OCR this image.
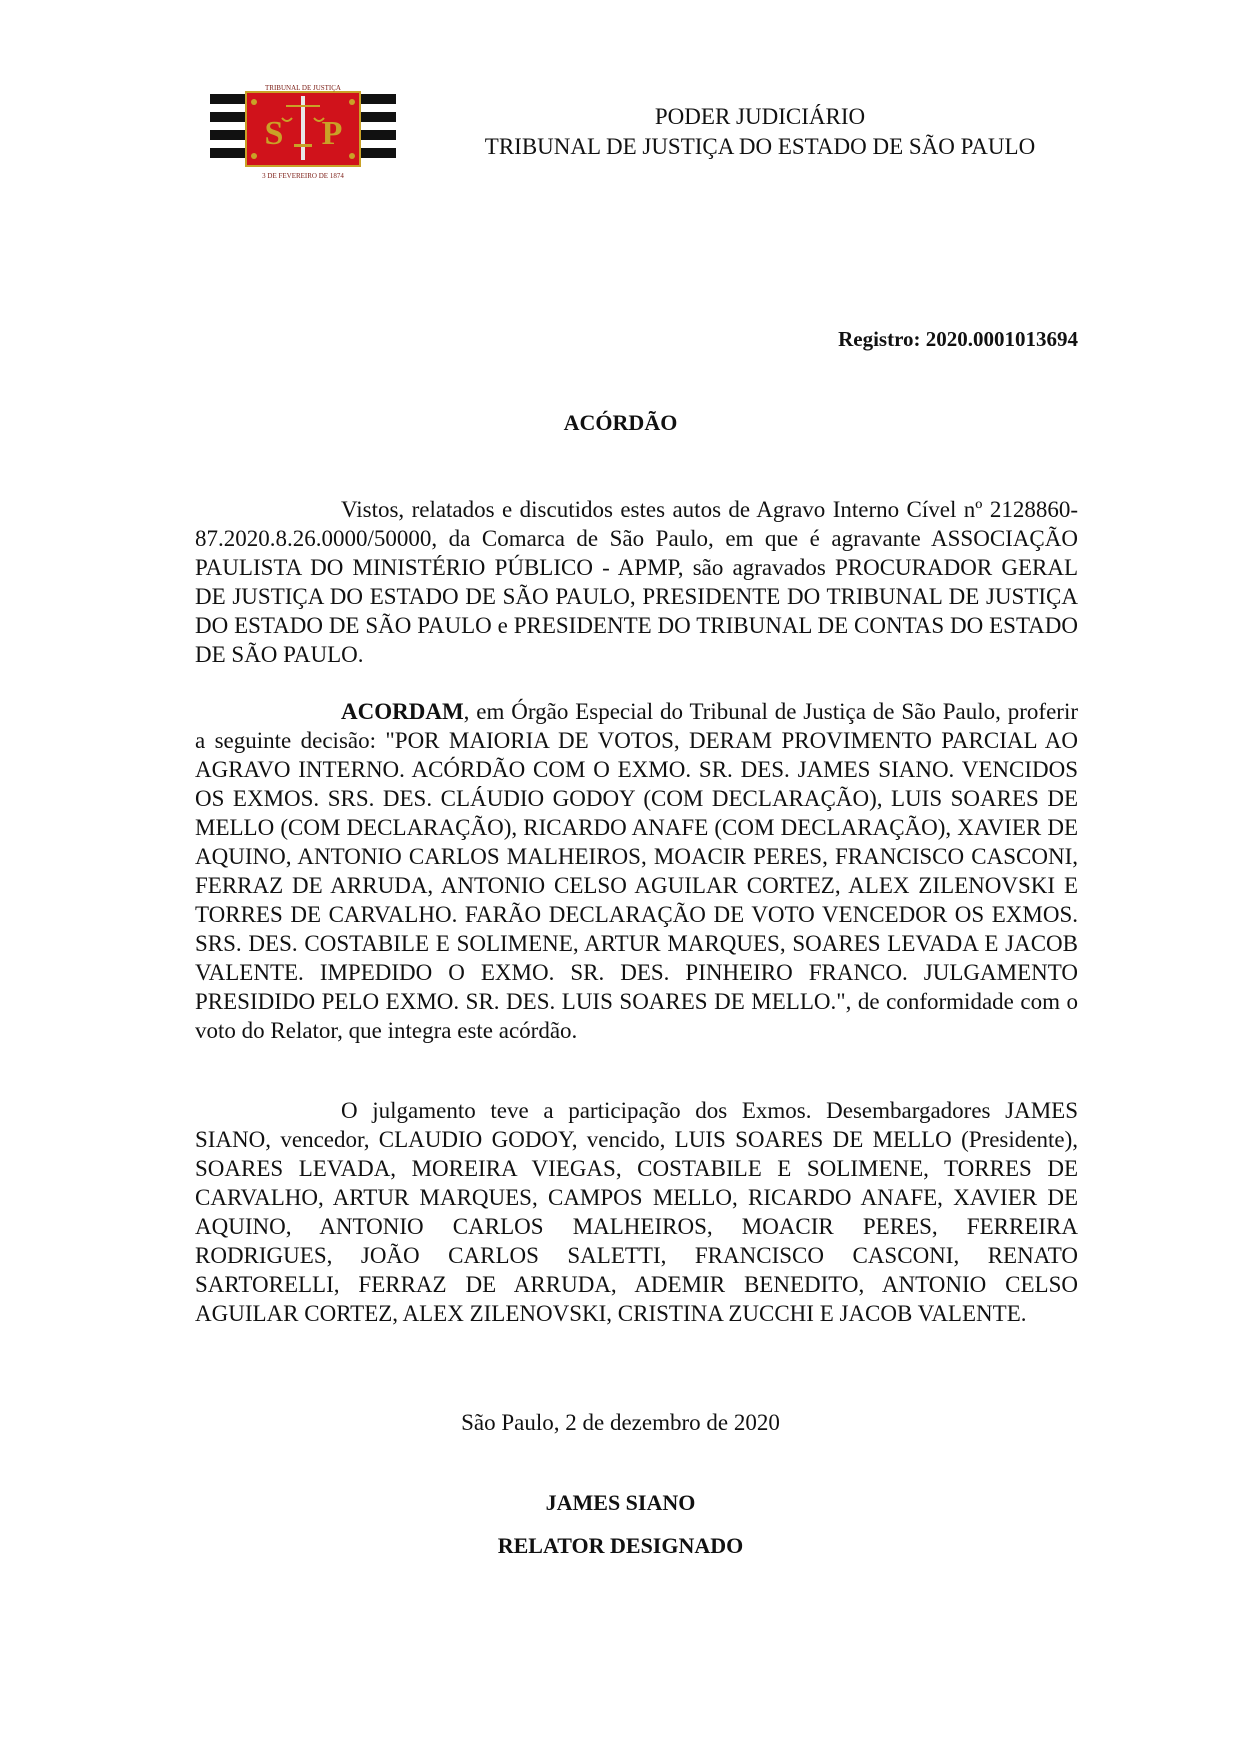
S P
TRIBUNAL DE JUSTIÇA
3 DE FEVEREIRO DE 1874
PODER JUDICIÁRIO
TRIBUNAL DE JUSTIÇA DO ESTADO DE SÃO PAULO
Registro: 2020.0001013694
ACÓRDÃO
Vistos, relatados e discutidos estes autos de Agravo Interno Cível nº 2128860-87.2020.8.26.0000/50000, da Comarca de São Paulo, em que é agravante ASSOCIAÇÃO PAULISTA DO MINISTÉRIO PÚBLICO - APMP, são agravados PROCURADOR GERAL DE JUSTIÇA DO ESTADO DE SÃO PAULO, PRESIDENTE DO TRIBUNAL DE JUSTIÇA DO ESTADO DE SÃO PAULO e PRESIDENTE DO TRIBUNAL DE CONTAS DO ESTADO DE SÃO PAULO.
ACORDAM, em Órgão Especial do Tribunal de Justiça de São Paulo, proferir a seguinte decisão: "POR MAIORIA DE VOTOS, DERAM PROVIMENTO PARCIAL AO AGRAVO INTERNO. ACÓRDÃO COM O EXMO. SR. DES. JAMES SIANO. VENCIDOS OS EXMOS. SRS. DES. CLÁUDIO GODOY (COM DECLARAÇÃO), LUIS SOARES DE MELLO (COM DECLARAÇÃO), RICARDO ANAFE (COM DECLARAÇÃO), XAVIER DE AQUINO, ANTONIO CARLOS MALHEIROS, MOACIR PERES, FRANCISCO CASCONI, FERRAZ DE ARRUDA, ANTONIO CELSO AGUILAR CORTEZ, ALEX ZILENOVSKI E TORRES DE CARVALHO. FARÃO DECLARAÇÃO DE VOTO VENCEDOR OS EXMOS. SRS. DES. COSTABILE E SOLIMENE, ARTUR MARQUES, SOARES LEVADA E JACOB VALENTE. IMPEDIDO O EXMO. SR. DES. PINHEIRO FRANCO. JULGAMENTO PRESIDIDO PELO EXMO. SR. DES. LUIS SOARES DE MELLO.", de conformidade com o voto do Relator, que integra este acórdão.
O julgamento teve a participação dos Exmos. Desembargadores JAMES SIANO, vencedor, CLAUDIO GODOY, vencido, LUIS SOARES DE MELLO (Presidente), SOARES LEVADA, MOREIRA VIEGAS, COSTABILE E SOLIMENE, TORRES DE CARVALHO, ARTUR MARQUES, CAMPOS MELLO, RICARDO ANAFE, XAVIER DE AQUINO, ANTONIO CARLOS MALHEIROS, MOACIR PERES, FERREIRA RODRIGUES, JOÃO CARLOS SALETTI, FRANCISCO CASCONI, RENATO SARTORELLI, FERRAZ DE ARRUDA, ADEMIR BENEDITO, ANTONIO CELSO AGUILAR CORTEZ, ALEX ZILENOVSKI, CRISTINA ZUCCHI E JACOB VALENTE.
São Paulo, 2 de dezembro de 2020
JAMES SIANO
RELATOR DESIGNADO
